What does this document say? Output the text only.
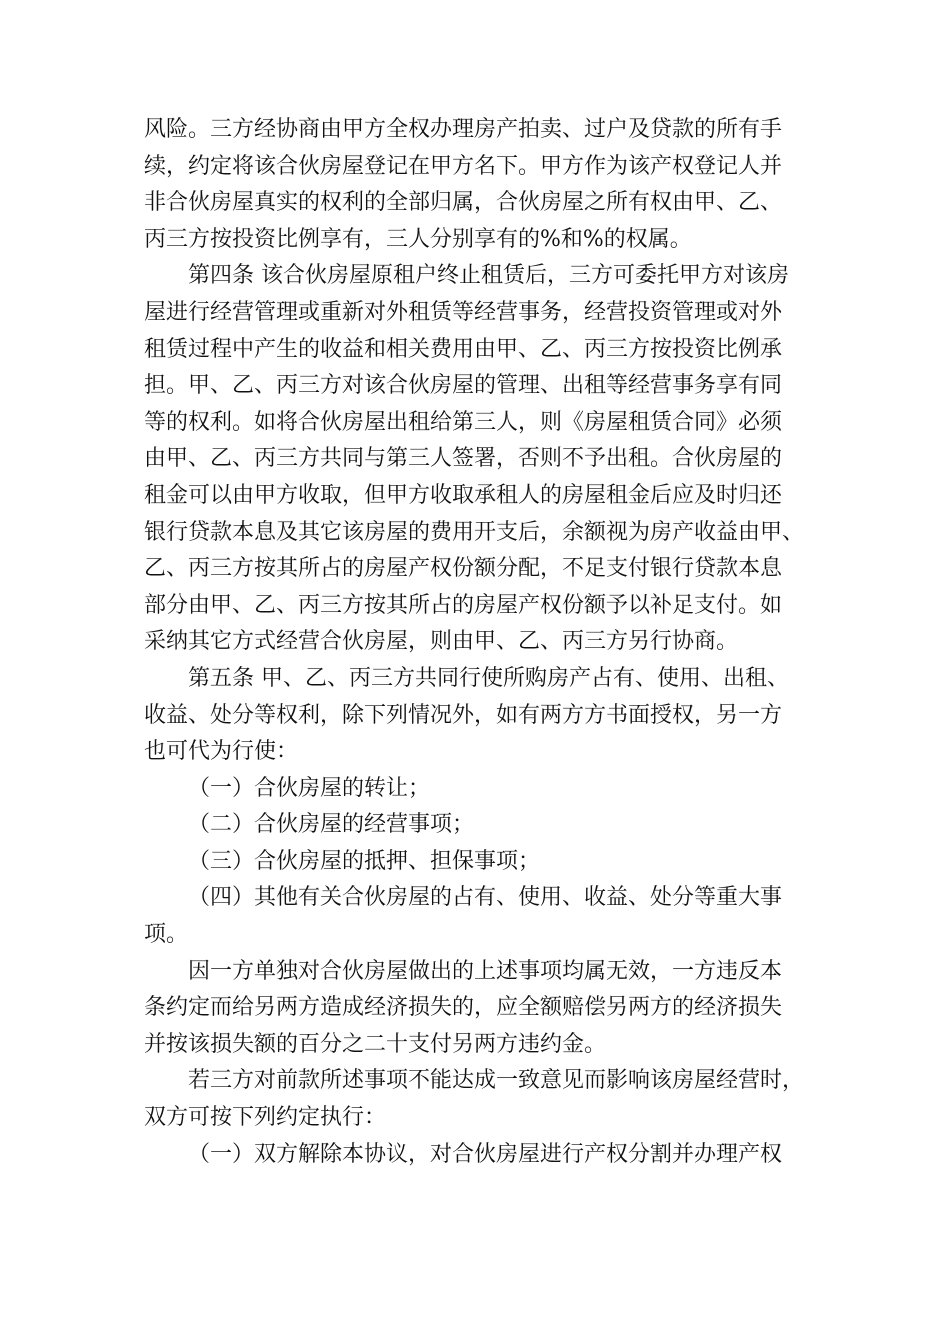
风险。三方经协商由甲方全权办理房产拍卖、过户及贷款的所有手
续，约定将该合伙房屋登记在甲方名下。甲方作为该产权登记人并
非合伙房屋真实的权利的全部归属，合伙房屋之所有权由甲、乙、
丙三方按投资比例享有，三人分别享有的%和%的权属。

第四条 该合伙房屋原租户终止租赁后，三方可委托甲方对该房
屋进行经营管理或重新对外租赁等经营事务，经营投资管理或对外
租赁过程中产生的收益和相关费用由甲、乙、丙三方按投资比例承
担。甲、乙、丙三方对该合伙房屋的管理、出租等经营事务享有同
等的权利。如将合伙房屋出租给第三人，则《房屋租赁合同》必须
由甲、乙、丙三方共同与第三人签署，否则不予出租。合伙房屋的
租金可以由甲方收取，但甲方收取承租人的房屋租金后应及时归还
银行贷款本息及其它该房屋的费用开支后，余额视为房产收益由甲、
乙、丙三方按其所占的房屋产权份额分配，不足支付银行贷款本息
部分由甲、乙、丙三方按其所占的房屋产权份额予以补足支付。如
采纳其它方式经营合伙房屋，则由甲、乙、丙三方另行协商。

第五条 甲、乙、丙三方共同行使所购房产占有、使用、出租、
收益、处分等权利，除下列情况外，如有两方方书面授权，另一方
也可代为行使：

（一）合伙房屋的转让；

（二）合伙房屋的经营事项；

（三）合伙房屋的抵押、担保事项；

（四）其他有关合伙房屋的占有、使用、收益、处分等重大事
项。

因一方单独对合伙房屋做出的上述事项均属无效，一方违反本
条约定而给另两方造成经济损失的，应全额赔偿另两方的经济损失
并按该损失额的百分之二十支付另两方违约金。

若三方对前款所述事项不能达成一致意见而影响该房屋经营时，
双方可按下列约定执行：

（一）双方解除本协议，对合伙房屋进行产权分割并办理产权
